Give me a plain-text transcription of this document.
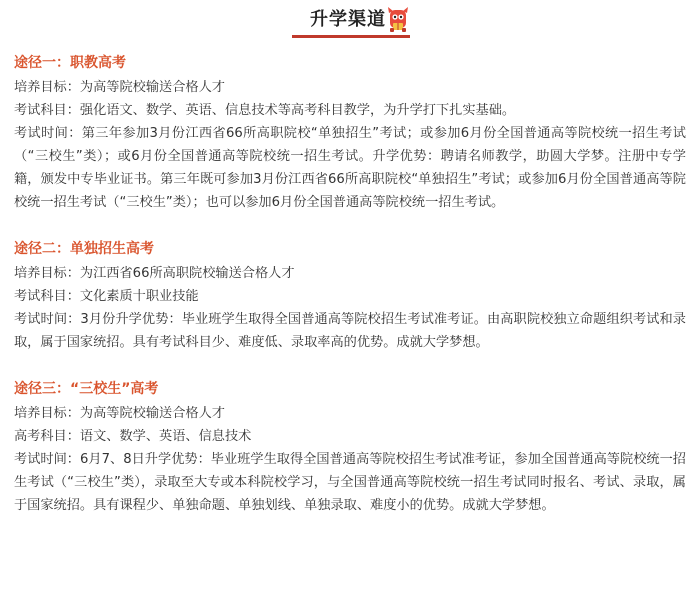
升学渠道

途径一：职教高考

培养目标：为高等院校输送合格人才

考试科目：强化语文、数学、英语、信息技术等高考科目教学，为升学打下扎实基础。

考试时间：第三年参加3月份江西省66所高职院校“单独招生”考试；或参加6月份全国普通高等院校统一招生考试（“三校生”类）；或6月份全国普通高等院校统一招生考试。升学优势：聘请名师教学，助圆大学梦。注册中专学籍，颁发中专毕业证书。第三年既可参加3月份江西省66所高职院校“单独招生”考试；或参加6月份全国普通高等院校统一招生考试（“三校生”类）；也可以参加6月份全国普通高等院校统一招生考试。

途径二：单独招生高考

培养目标：为江西省66所高职院校输送合格人才

考试科目：文化素质十职业技能

考试时间：3月份升学优势：毕业班学生取得全国普通高等院校招生考试准考证。由高职院校独立命题组织考试和录取，属于国家统招。具有考试科目少、难度低、录取率高的优势。成就大学梦想。

途径三：“三校生”高考

培养目标：为高等院校输送合格人才

高考科目：语文、数学、英语、信息技术

考试时间：6月7、8日升学优势：毕业班学生取得全国普通高等院校招生考试准考证，参加全国普通高等院校统一招生考试（“三校生”类），录取至大专或本科院校学习，与全国普通高等院校统一招生考试同时报名、考试、录取，属于国家统招。具有课程少、单独命题、单独划线、单独录取、难度小的优势。成就大学梦想。
